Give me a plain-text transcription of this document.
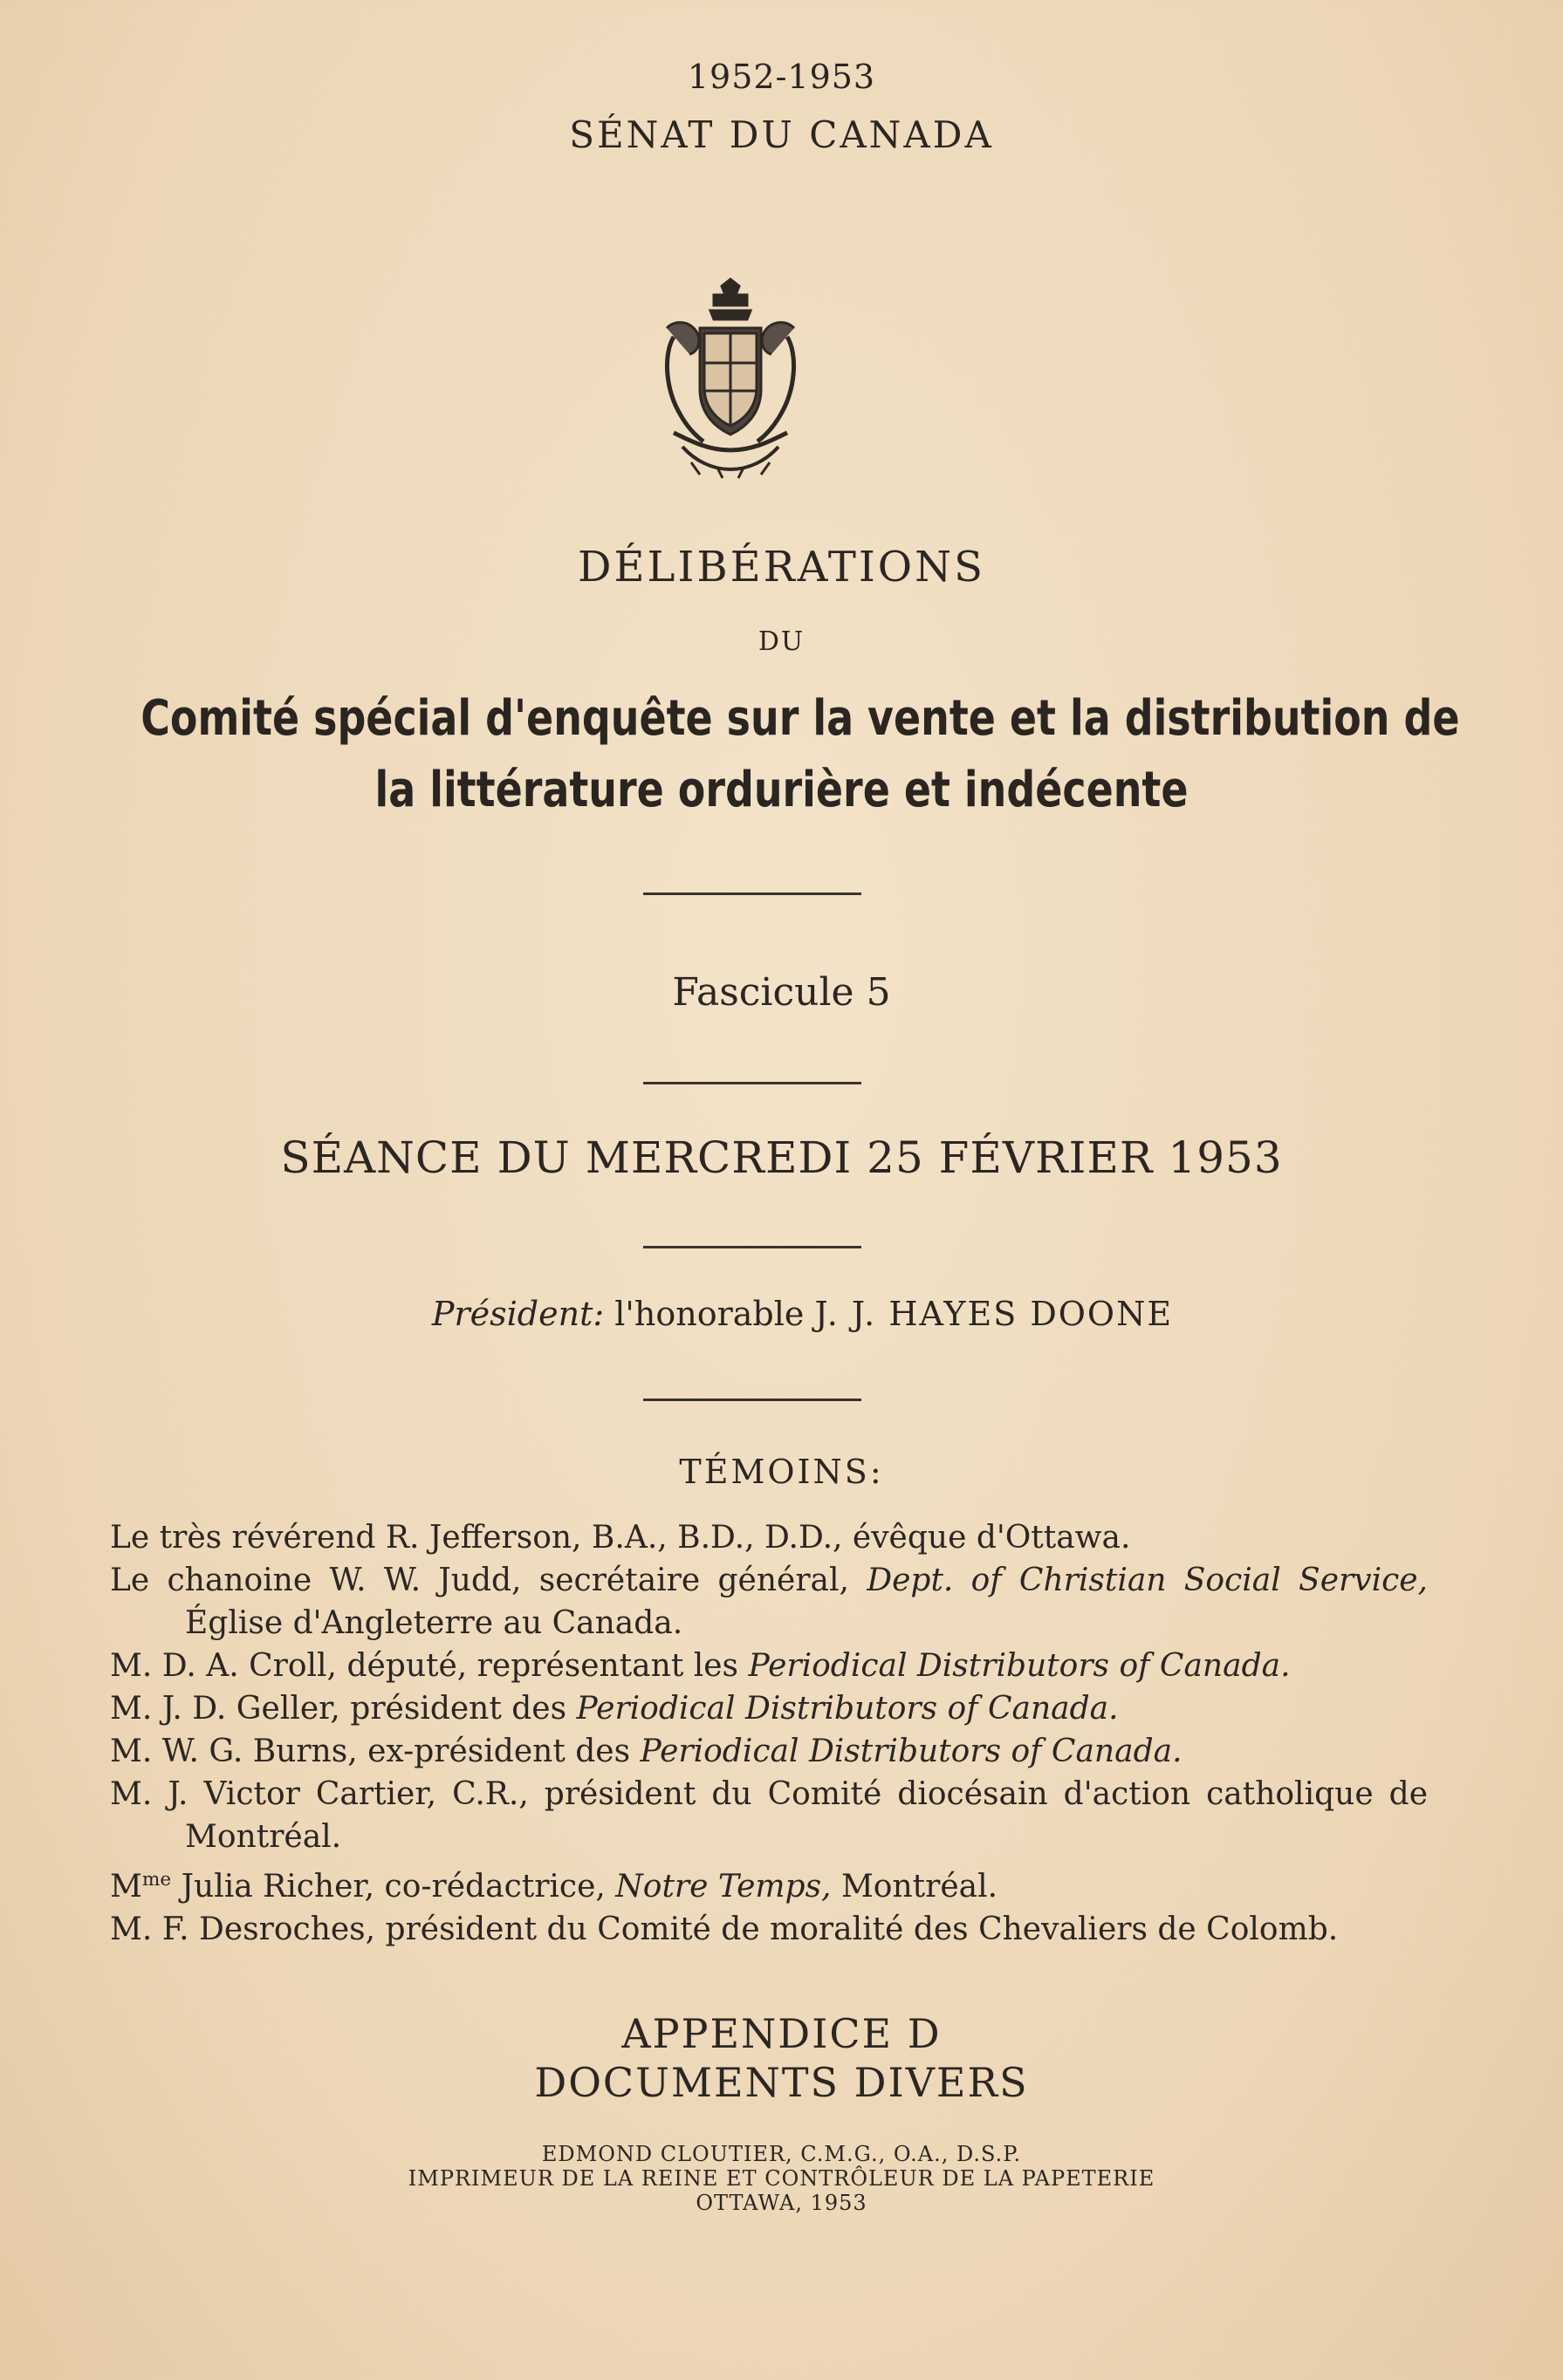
1952-1953
SÉNAT DU CANADA
DÉLIBÉRATIONS
DU
Comité spécial d'enquête sur la vente et la distribution de
la littérature ordurière et indécente
Fascicule 5
SÉANCE DU MERCREDI 25 FÉVRIER 1953
Président: l'honorable J. J. HAYES DOONE
TÉMOINS:
Le très révérend R. Jefferson, B.A., B.D., D.D., évêque d'Ottawa.
Le chanoine W. W. Judd, secrétaire général, Dept. of Christian Social Service, Église d'Angleterre au Canada.
M. D. A. Croll, député, représentant les Periodical Distributors of Canada.
M. J. D. Geller, président des Periodical Distributors of Canada.
M. W. G. Burns, ex-président des Periodical Distributors of Canada.
M. J. Victor Cartier, C.R., président du Comité diocésain d'action catholique de Montréal.
$M^{me}$ Julia Richer, co-rédactrice, Notre Temps, Montréal.
M. F. Desroches, président du Comité de moralité des Chevaliers de Colomb.
APPENDICE D
DOCUMENTS DIVERS
EDMOND CLOUTIER, C.M.G., O.A., D.S.P.
IMPRIMEUR DE LA REINE ET CONTRÔLEUR DE LA PAPETERIE
OTTAWA, 1953
